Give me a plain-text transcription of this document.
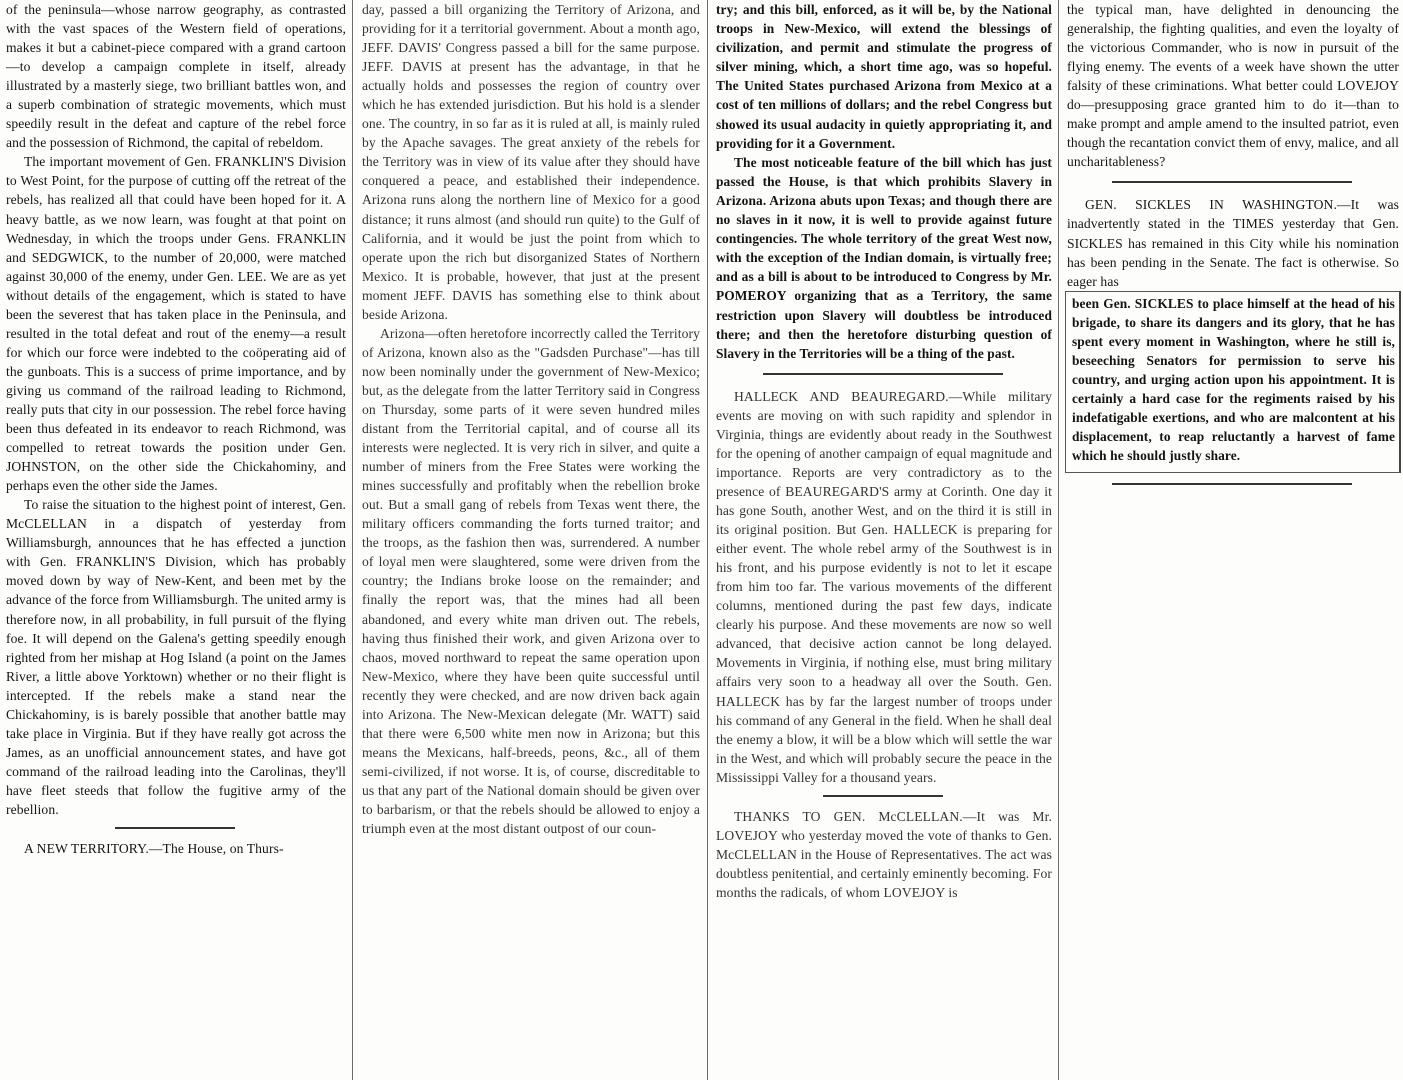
of the peninsula—whose narrow geography, as contrasted with the vast spaces of the Western field of operations, makes it but a cabinet-piece compared with a grand cartoon—to develop a campaign complete in itself, already illustrated by a masterly siege, two brilliant battles won, and a superb combination of strategic movements, which must speedily result in the defeat and capture of the rebel force and the possession of Richmond, the capital of rebeldom.

The important movement of Gen. FRANKLIN'S Division to West Point, for the purpose of cutting off the retreat of the rebels, has realized all that could have been hoped for it. A heavy battle, as we now learn, was fought at that point on Wednesday, in which the troops under Gens. FRANKLIN and SEDGWICK, to the number of 20,000, were matched against 30,000 of the enemy, under Gen. LEE. We are as yet without details of the engagement, which is stated to have been the severest that has taken place in the Peninsula, and resulted in the total defeat and rout of the enemy—a result for which our force were indebted to the coöperating aid of the gunboats. This is a success of prime importance, and by giving us command of the railroad leading to Richmond, really puts that city in our possession. The rebel force having been thus defeated in its endeavor to reach Richmond, was compelled to retreat towards the position under Gen. JOHNSTON, on the other side the Chickahominy, and perhaps even the other side the James.

To raise the situation to the highest point of interest, Gen. McCLELLAN in a dispatch of yesterday from Williamsburgh, announces that he has effected a junction with Gen. FRANKLIN'S Division, which has probably moved down by way of New-Kent, and been met by the advance of the force from Williamsburgh. The united army is therefore now, in all probability, in full pursuit of the flying foe. It will depend on the Galena's getting speedily enough righted from her mishap at Hog Island (a point on the James River, a little above Yorktown) whether or no their flight is intercepted. If the rebels make a stand near the Chickahominy, is is barely possible that another battle may take place in Virginia. But if they have really got across the James, as an unofficial announcement states, and have got command of the railroad leading into the Carolinas, they'll have fleet steeds that follow the fugitive army of the rebellion.

A NEW TERRITORY.—The House, on Thurs-

day, passed a bill organizing the Territory of Arizona, and providing for it a territorial government. About a month ago, JEFF. DAVIS' Congress passed a bill for the same purpose. JEFF. DAVIS at present has the advantage, in that he actually holds and possesses the region of country over which he has extended jurisdiction. But his hold is a slender one. The country, in so far as it is ruled at all, is mainly ruled by the Apache savages. The great anxiety of the rebels for the Territory was in view of its value after they should have conquered a peace, and established their independence. Arizona runs along the northern line of Mexico for a good distance; it runs almost (and should run quite) to the Gulf of California, and it would be just the point from which to operate upon the rich but disorganized States of Northern Mexico. It is probable, however, that just at the present moment JEFF. DAVIS has something else to think about beside Arizona.

Arizona—often heretofore incorrectly called the Territory of Arizona, known also as the "Gadsden Purchase"—has till now been nominally under the government of New-Mexico; but, as the delegate from the latter Territory said in Congress on Thursday, some parts of it were seven hundred miles distant from the Territorial capital, and of course all its interests were neglected. It is very rich in silver, and quite a number of miners from the Free States were working the mines successfully and profitably when the rebellion broke out. But a small gang of rebels from Texas went there, the military officers commanding the forts turned traitor; and the troops, as the fashion then was, surrendered. A number of loyal men were slaughtered, some were driven from the country; the Indians broke loose on the remainder; and finally the report was, that the mines had all been abandoned, and every white man driven out. The rebels, having thus finished their work, and given Arizona over to chaos, moved northward to repeat the same operation upon New-Mexico, where they have been quite successful until recently they were checked, and are now driven back again into Arizona. The New-Mexican delegate (Mr. WATT) said that there were 6,500 white men now in Arizona; but this means the Mexicans, half-breeds, peons, &c., all of them semi-civilized, if not worse. It is, of course, discreditable to us that any part of the National domain should be given over to barbarism, or that the rebels should be allowed to enjoy a triumph even at the most distant outpost of our coun-

try; and this bill, enforced, as it will be, by the National troops in New-Mexico, will extend the blessings of civilization, and permit and stimulate the progress of silver mining, which, a short time ago, was so hopeful. The United States purchased Arizona from Mexico at a cost of ten millions of dollars; and the rebel Congress but showed its usual audacity in quietly appropriating it, and providing for it a Government.

The most noticeable feature of the bill which has just passed the House, is that which prohibits Slavery in Arizona. Arizona abuts upon Texas; and though there are no slaves in it now, it is well to provide against future contingencies. The whole territory of the great West now, with the exception of the Indian domain, is virtually free; and as a bill is about to be introduced to Congress by Mr. POMEROY organizing that as a Territory, the same restriction upon Slavery will doubtless be introduced there; and then the heretofore disturbing question of Slavery in the Territories will be a thing of the past.

HALLECK AND BEAUREGARD.—While military events are moving on with such rapidity and splendor in Virginia, things are evidently about ready in the Southwest for the opening of another campaign of equal magnitude and importance. Reports are very contradictory as to the presence of BEAUREGARD'S army at Corinth. One day it has gone South, another West, and on the third it is still in its original position. But Gen. HALLECK is preparing for either event. The whole rebel army of the Southwest is in his front, and his purpose evidently is not to let it escape from him too far. The various movements of the different columns, mentioned during the past few days, indicate clearly his purpose. And these movements are now so well advanced, that decisive action cannot be long delayed. Movements in Virginia, if nothing else, must bring military affairs very soon to a headway all over the South. Gen. HALLECK has by far the largest number of troops under his command of any General in the field. When he shall deal the enemy a blow, it will be a blow which will settle the war in the West, and which will probably secure the peace in the Mississippi Valley for a thousand years.

THANKS TO GEN. McCLELLAN.—It was Mr. LOVEJOY who yesterday moved the vote of thanks to Gen. McCLELLAN in the House of Representatives. The act was doubtless penitential, and certainly eminently becoming. For months the radicals, of whom LOVEJOY is

the typical man, have delighted in denouncing the generalship, the fighting qualities, and even the loyalty of the victorious Commander, who is now in pursuit of the flying enemy. The events of a week have shown the utter falsity of these criminations. What better could LOVEJOY do—presupposing grace granted him to do it—than to make prompt and ample amend to the insulted patriot, even though the recantation convict them of envy, malice, and all uncharitableness?

GEN. SICKLES IN WASHINGTON.—It was inadvertently stated in the TIMES yesterday that Gen. SICKLES has remained in this City while his nomination has been pending in the Senate. The fact is otherwise. So eager has

been Gen. SICKLES to place himself at the head of his brigade, to share its dangers and its glory, that he has spent every moment in Washington, where he still is, beseeching Senators for permission to serve his country, and urging action upon his appointment. It is certainly a hard case for the regiments raised by his indefatigable exertions, and who are malcontent at his displacement, to reap reluctantly a harvest of fame which he should justly share.
